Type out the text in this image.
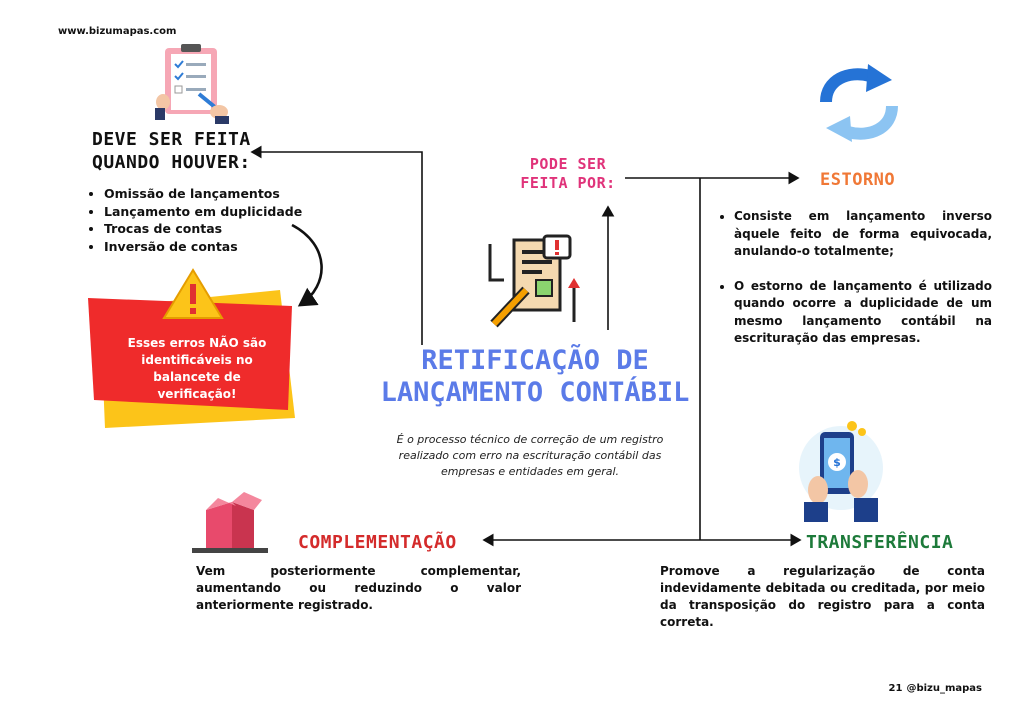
$
www.bizumapas.com
DEVE SER FEITA
QUANDO HOUVER:
• Omissão de lançamentos
• Lançamento em duplicidade
• Trocas de contas
• Inversão de contas
Esses erros NÃO são identificáveis no balancete de verificação!
PODE SER
FEITA POR:
RETIFICAÇÃO DE
LANÇAMENTO CONTÁBIL
É o processo técnico de correção de um registro realizado com erro na escrituração contábil das empresas e entidades em geral.
ESTORNO
• Consiste em lançamento inverso àquele feito de forma equivocada, anulando-o totalmente;
• O estorno de lançamento é utilizado quando ocorre a duplicidade de um mesmo lançamento contábil na escrituração das empresas.
COMPLEMENTAÇÃO
Vem posteriormente complementar, aumentando ou reduzindo o valor anteriormente registrado.
TRANSFERÊNCIA
Promove a regularização de conta indevidamente debitada ou creditada, por meio da transposição do registro para a conta correta.
21 @bizu_mapas
